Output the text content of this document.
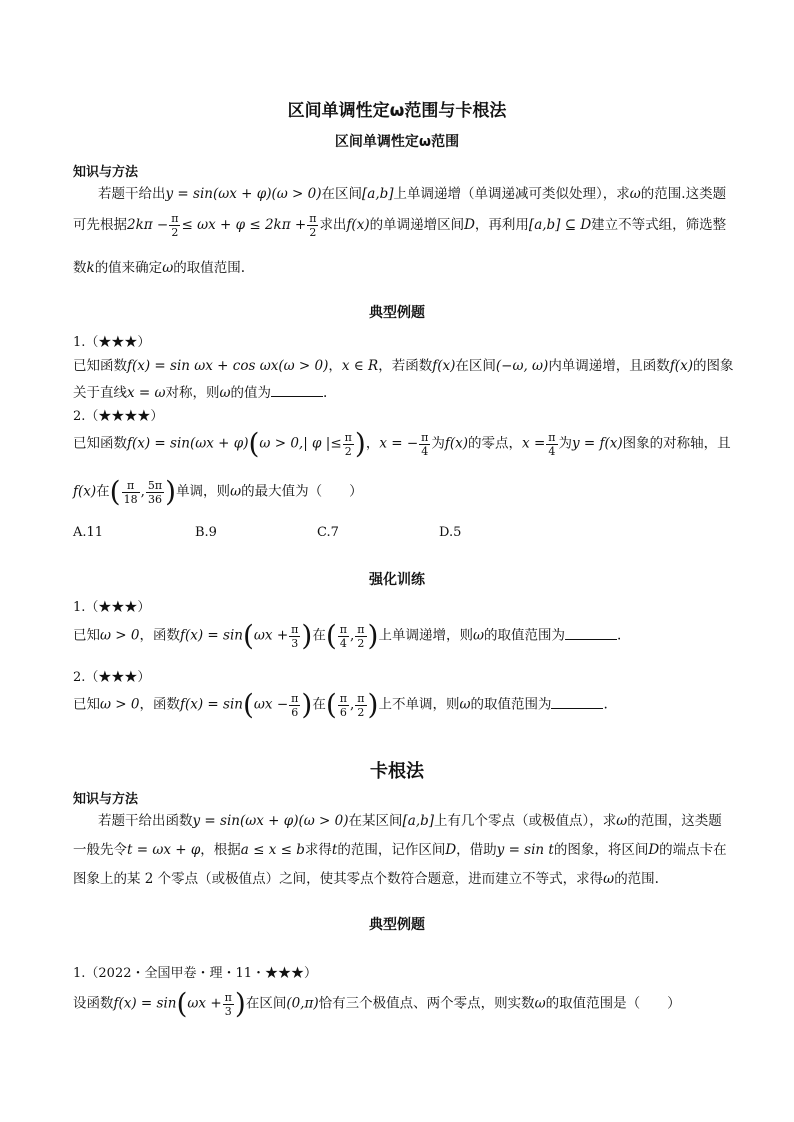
区间单调性定ω范围与卡根法
区间单调性定ω范围
知识与方法
若题干给出y = sin(ωx + φ)(ω > 0)在区间[a,b]上单调递增（单调递减可类似处理），求ω的范围.这类题
可先根据$2k\pi - \frac{\pi}{2} \le \omega x + \varphi \le 2k\pi + \frac{\pi}{2}$ 求出f(x)的单调递增区间D，再利用[a,b] ⊆ D建立不等式组，筛选整
数k的值来确定ω的取值范围.
典型例题
1.（★★★）
已知函数f(x) = sin ωx + cos ωx(ω > 0)，x ∈ R，若函数f(x)在区间(−ω, ω)内单调递增，且函数f(x)的图象
关于直线x = ω对称，则ω的值为	.
2.（★★★★）
已知函数f(x) = sin(ωx + φ)(ω > 0,| φ |≤ $\frac{\pi}{2}$ )，x = − $\frac{\pi}{4}$ 为f(x)的零点，$x = \frac{\pi}{4}$ 为y = f(x)图象的对称轴，且
f(x)在( $\frac{\pi}{18}$ , $\frac{5\pi}{36}$ )单调，则ω的最大值为（　　）
A.11	B.9	C.7	D.5
强化训练
1.（★★★）
已知ω > 0，函数$f(x) = \sin(\omega x + \frac{\pi}{3}$ )在( $\frac{\pi}{4}$ , $\frac{\pi}{2}$ )上单调递增，则ω的取值范围为	.
2.（★★★）
已知ω > 0，函数$f(x) = \sin(\omega x - \frac{\pi}{6}$ )在( $\frac{\pi}{6}$ , $\frac{\pi}{2}$ )上不单调，则ω的取值范围为	.
卡根法
知识与方法
若题干给出函数y = sin(ωx + φ)(ω > 0)在某区间[a,b]上有几个零点（或极值点），求ω的范围，这类题
一般先令t = ωx + φ，根据a ≤ x ≤ b求得t的范围，记作区间D，借助y = sin t的图象，将区间D的端点卡在
图象上的某 2 个零点（或极值点）之间，使其零点个数符合题意，进而建立不等式，求得ω的范围.
典型例题
1.（2022・全国甲卷・理・11・★★★）
设函数$f(x) = \sin(\omega x + \frac{\pi}{3}$ )在区间(0,π)恰有三个极值点、两个零点，则实数ω的取值范围是（　　）
